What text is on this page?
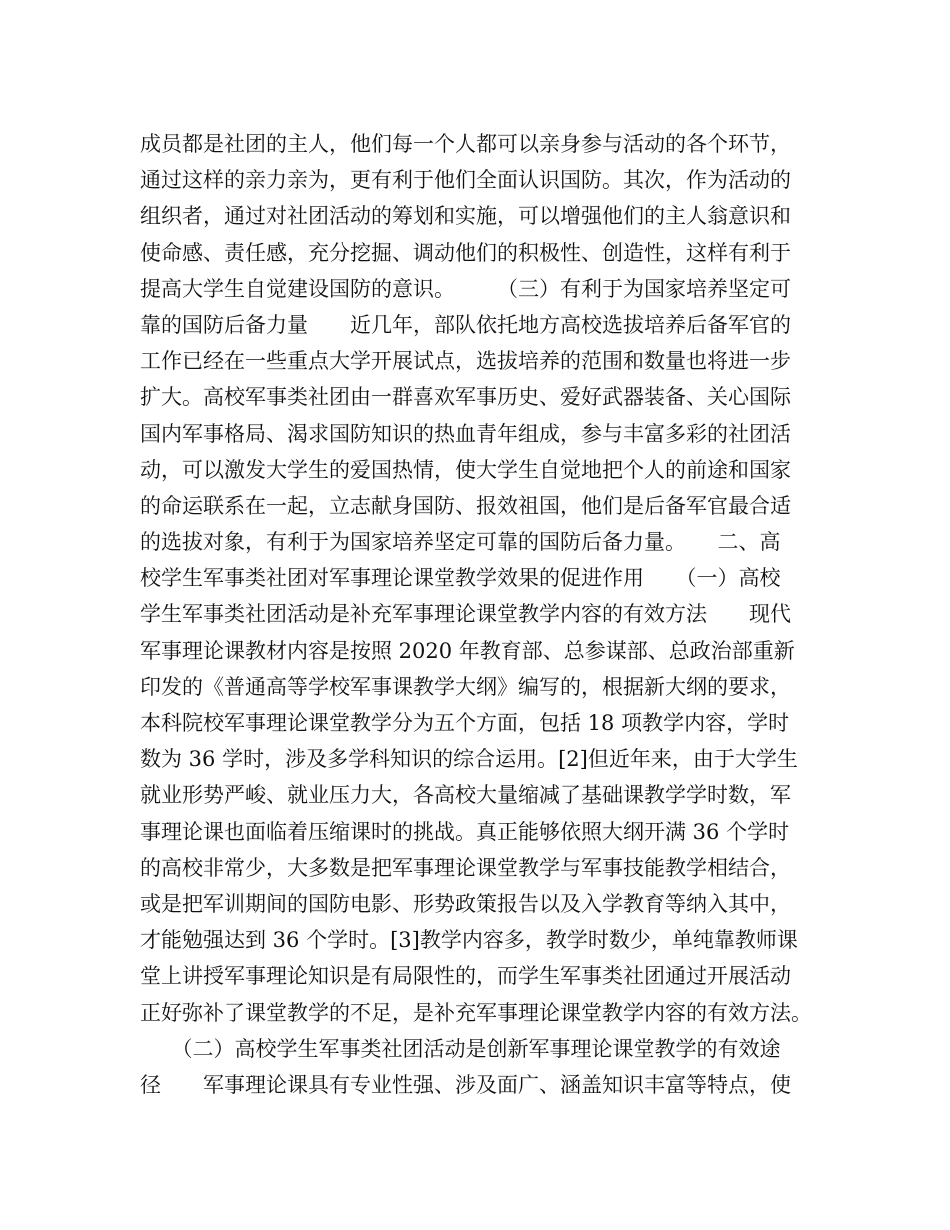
成员都是社团的主人，他们每一个人都可以亲身参与活动的各个环节，
通过这样的亲力亲为，更有利于他们全面认识国防。其次，作为活动的
组织者，通过对社团活动的筹划和实施，可以增强他们的主人翁意识和
使命感、责任感，充分挖掘、调动他们的积极性、创造性，这样有利于
提高大学生自觉建设国防的意识。　　　（三）有利于为国家培养坚定可
靠的国防后备力量　　近几年，部队依托地方高校选拔培养后备军官的
工作已经在一些重点大学开展试点，选拔培养的范围和数量也将进一步
扩大。高校军事类社团由一群喜欢军事历史、爱好武器装备、关心国际
国内军事格局、渴求国防知识的热血青年组成，参与丰富多彩的社团活
动，可以激发大学生的爱国热情，使大学生自觉地把个人的前途和国家
的命运联系在一起，立志献身国防、报效祖国，他们是后备军官最合适
的选拔对象，有利于为国家培养坚定可靠的国防后备力量。　　二、高
校学生军事类社团对军事理论课堂教学效果的促进作用　　（一）高校
学生军事类社团活动是补充军事理论课堂教学内容的有效方法　　现代
军事理论课教材内容是按照 2020 年教育部、总参谋部、总政治部重新
印发的《普通高等学校军事课教学大纲》编写的，根据新大纲的要求，
本科院校军事理论课堂教学分为五个方面，包括 18 项教学内容，学时
数为 36 学时，涉及多学科知识的综合运用。[2]但近年来，由于大学生
就业形势严峻、就业压力大，各高校大量缩减了基础课教学学时数，军
事理论课也面临着压缩课时的挑战。真正能够依照大纲开满 36 个学时
的高校非常少，大多数是把军事理论课堂教学与军事技能教学相结合，
或是把军训期间的国防电影、形势政策报告以及入学教育等纳入其中，
才能勉强达到 36 个学时。[3]教学内容多，教学时数少，单纯靠教师课
堂上讲授军事理论知识是有局限性的，而学生军事类社团通过开展活动
正好弥补了课堂教学的不足，是补充军事理论课堂教学内容的有效方法。
　　（二）高校学生军事类社团活动是创新军事理论课堂教学的有效途
径　　军事理论课具有专业性强、涉及面广、涵盖知识丰富等特点，使
